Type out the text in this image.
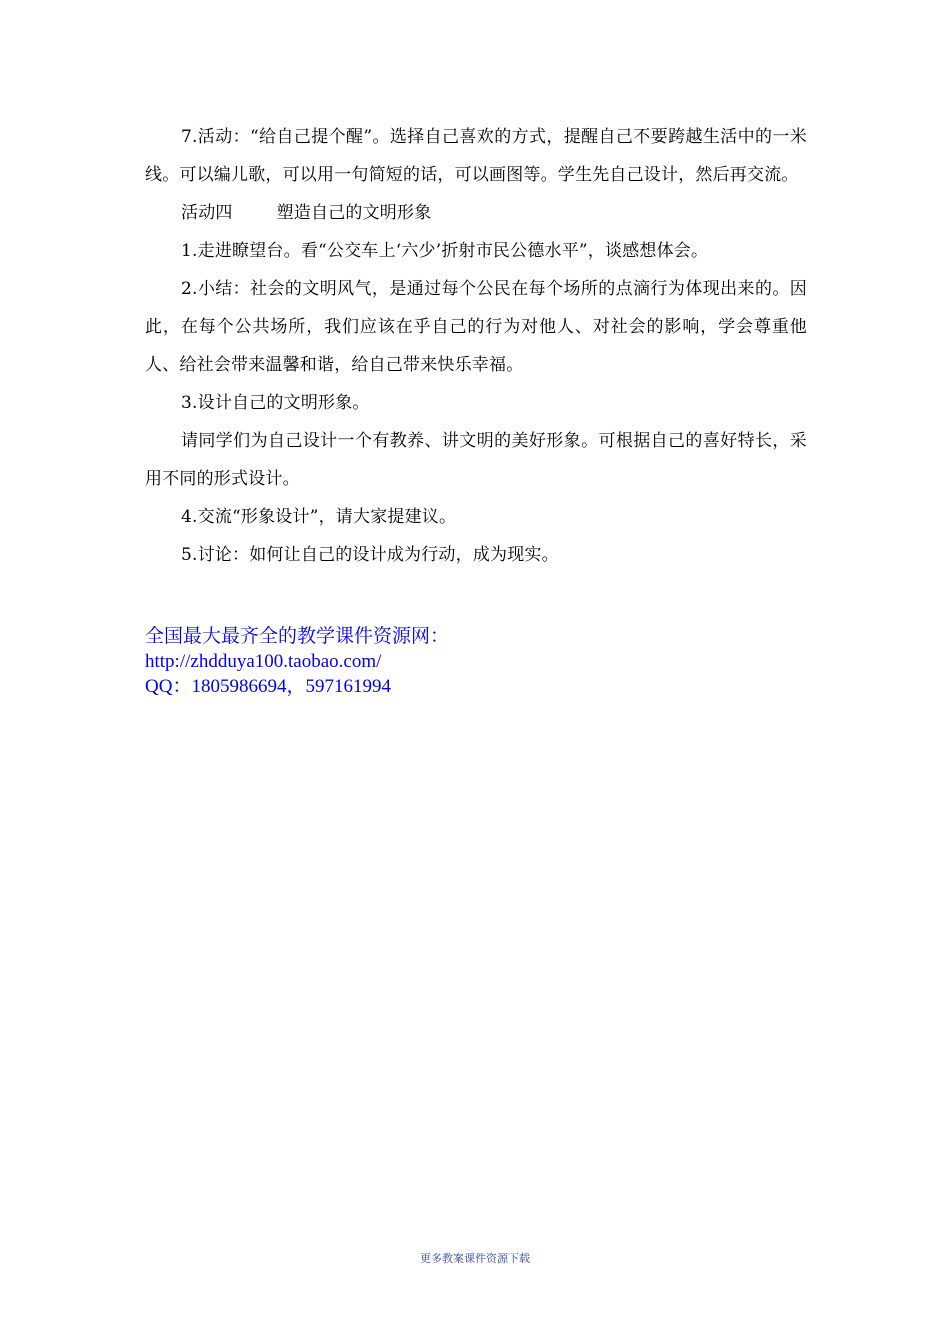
7.活动：“给自己提个醒”。选择自己喜欢的方式，提醒自己不要跨越生活中的一米线。可以编儿歌，可以用一句简短的话，可以画图等。学生先自己设计，然后再交流。

活动四	塑造自己的文明形象

1.走进瞭望台。看“公交车上‘六少’折射市民公德水平”，谈感想体会。

2.小结：社会的文明风气，是通过每个公民在每个场所的点滴行为体现出来的。因此，在每个公共场所，我们应该在乎自己的行为对他人、对社会的影响，学会尊重他人、给社会带来温馨和谐，给自己带来快乐幸福。

3.设计自己的文明形象。

请同学们为自己设计一个有教养、讲文明的美好形象。可根据自己的喜好特长，采用不同的形式设计。

4.交流“形象设计”，请大家提建议。

5.讨论：如何让自己的设计成为行动，成为现实。

全国最大最齐全的教学课件资源网：
http://zhdduya100.taobao.com/
QQ：1805986694，597161994
更多教案课件资源下载
